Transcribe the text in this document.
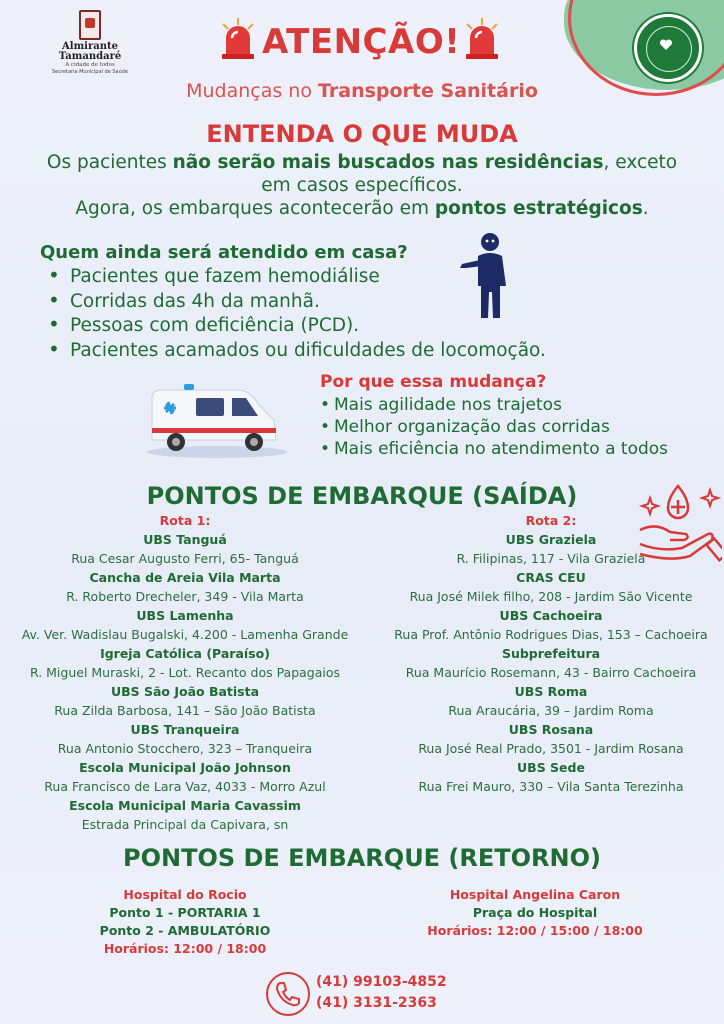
Almirante Tamandaré
A cidade de todos
Secretaria Municipal de Saúde
ATENÇÃO!
Mudanças no Transporte Sanitário
ENTENDA O QUE MUDA
Os pacientes não serão mais buscados nas residências, exceto
em casos específicos.
Agora, os embarques acontecerão em pontos estratégicos.
Quem ainda será atendido em casa?
• Pacientes que fazem hemodiálise
• Corridas das 4h da manhã.
• Pessoas com deficiência (PCD).
• Pacientes acamados ou dificuldades de locomoção.
Por que essa mudança?
• Mais agilidade nos trajetos
• Melhor organização das corridas
• Mais eficiência no atendimento a todos
PONTOS DE EMBARQUE (SAÍDA)
Rota 1:
UBS Tanguá
Rua Cesar Augusto Ferri, 65- Tanguá
Cancha de Areia Vila Marta
R. Roberto Drecheler, 349 - Vila Marta
UBS Lamenha
Av. Ver. Wadislau Bugalski, 4.200 - Lamenha Grande
Igreja Católica (Paraíso)
R. Miguel Muraski, 2 - Lot. Recanto dos Papagaios
UBS São João Batista
Rua Zilda Barbosa, 141 – São João Batista
UBS Tranqueira
Rua Antonio Stocchero, 323 – Tranqueira
Escola Municipal João Johnson
Rua Francisco de Lara Vaz, 4033 - Morro Azul
Escola Municipal Maria Cavassim
Estrada Principal da Capivara, sn
Rota 2:
UBS Graziela
R. Filipinas, 117 - Vila Graziela
CRAS CEU
Rua José Milek filho, 208 - Jardim São Vicente
UBS Cachoeira
Rua Prof. Antônio Rodrigues Dias, 153 – Cachoeira
Subprefeitura
Rua Maurício Rosemann, 43 - Bairro Cachoeira
UBS Roma
Rua Araucária, 39 – Jardim Roma
UBS Rosana
Rua José Real Prado, 3501 - Jardim Rosana
UBS Sede
Rua Frei Mauro, 330 – Vila Santa Terezinha
PONTOS DE EMBARQUE (RETORNO)
Hospital do Rocio
Ponto 1 - PORTARIA 1
Ponto 2 - AMBULATÓRIO
Horários: 12:00 / 18:00
Hospital Angelina Caron
Praça do Hospital
Horários: 12:00 / 15:00 / 18:00
(41) 99103-4852
(41) 3131-2363
